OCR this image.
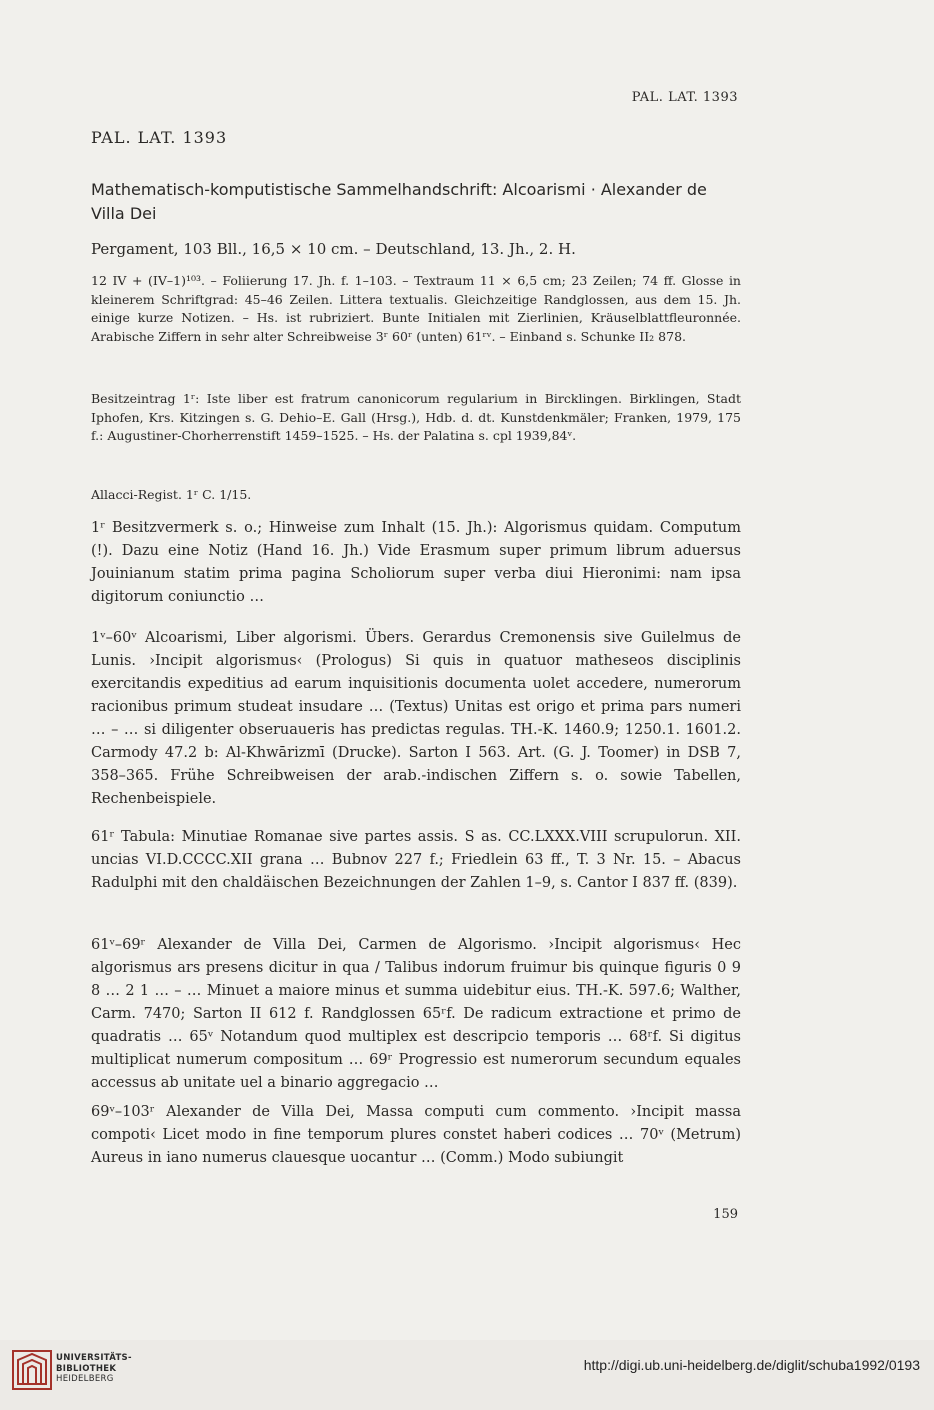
PAL. LAT. 1393
PAL. LAT. 1393
Mathematisch-komputistische Sammelhandschrift: Alcoarismi · Alexander de Villa Dei
Pergament, 103 Bll., 16,5 × 10 cm. – Deutschland, 13. Jh., 2. H.
12 IV + (IV–1)¹⁰³. – Foliierung 17. Jh. f. 1–103. – Textraum 11 × 6,5 cm; 23 Zeilen; 74 ff. Glosse in kleinerem Schriftgrad: 45–46 Zeilen. Littera textualis. Gleichzeitige Randglossen, aus dem 15. Jh. einige kurze Notizen. – Hs. ist rubriziert. Bunte Initialen mit Zierlinien, Kräuselblattfleuronnée. Arabische Ziffern in sehr alter Schreibweise 3ʳ 60ʳ (unten) 61ʳᵛ. – Einband s. Schunke II₂ 878.
Besitzeintrag 1ʳ: Iste liber est fratrum canonicorum regularium in Bircklingen. Birklingen, Stadt Iphofen, Krs. Kitzingen s. G. Dehio–E. Gall (Hrsg.), Hdb. d. dt. Kunstdenkmäler; Franken, 1979, 175 f.: Augustiner-Chorherrenstift 1459–1525. – Hs. der Palatina s. cpl 1939,84ᵛ.
Allacci-Regist. 1ʳ C. 1/15.
1ʳ Besitzvermerk s. o.; Hinweise zum Inhalt (15. Jh.): Algorismus quidam. Computum (!). Dazu eine Notiz (Hand 16. Jh.) Vide Erasmum super primum librum aduersus Jouinianum statim prima pagina Scholiorum super verba diui Hieronimi: nam ipsa digitorum coniunctio …
1ᵛ–60ᵛ Alcoarismi, Liber algorismi. Übers. Gerardus Cremonensis sive Guilelmus de Lunis. ›Incipit algorismus‹ (Prologus) Si quis in quatuor matheseos disciplinis exercitandis expeditius ad earum inquisitionis documenta uolet accedere, numerorum racionibus primum studeat insudare … (Textus) Unitas est origo et prima pars numeri … – … si diligenter obseruaueris has predictas regulas. TH.-K. 1460.9; 1250.1. 1601.2. Carmody 47.2 b: Al-Khwārizmī (Drucke). Sarton I 563. Art. (G. J. Toomer) in DSB 7, 358–365. Frühe Schreibweisen der arab.-indischen Ziffern s. o. sowie Tabellen, Rechenbeispiele.
61ʳ Tabula: Minutiae Romanae sive partes assis. S as. CC.LXXX.VIII scrupulorun. XII. uncias VI.D.CCCC.XII grana … Bubnov 227 f.; Friedlein 63 ff., T. 3 Nr. 15. – Abacus Radulphi mit den chaldäischen Bezeichnungen der Zahlen 1–9, s. Cantor I 837 ff. (839).
61ᵛ–69ʳ Alexander de Villa Dei, Carmen de Algorismo. ›Incipit algorismus‹ Hec algorismus ars presens dicitur in qua / Talibus indorum fruimur bis quinque figuris 0 9 8 … 2 1 … – … Minuet a maiore minus et summa uidebitur eius. TH.-K. 597.6; Walther, Carm. 7470; Sarton II 612 f. Randglossen 65ʳf. De radicum extractione et primo de quadratis … 65ᵛ Notandum quod multiplex est descripcio temporis … 68ʳf. Si digitus multiplicat numerum compositum … 69ʳ Progressio est numerorum secundum equales accessus ab unitate uel a binario aggregacio …
69ᵛ–103ʳ Alexander de Villa Dei, Massa computi cum commento. ›Incipit massa compoti‹ Licet modo in fine temporum plures constet haberi codices … 70ᵛ (Metrum) Aureus in iano numerus clauesque uocantur … (Comm.) Modo subiungit
159
UNIVERSITÄTS-
BIBLIOTHEK
HEIDELBERG
http://digi.ub.uni-heidelberg.de/diglit/schuba1992/0193
